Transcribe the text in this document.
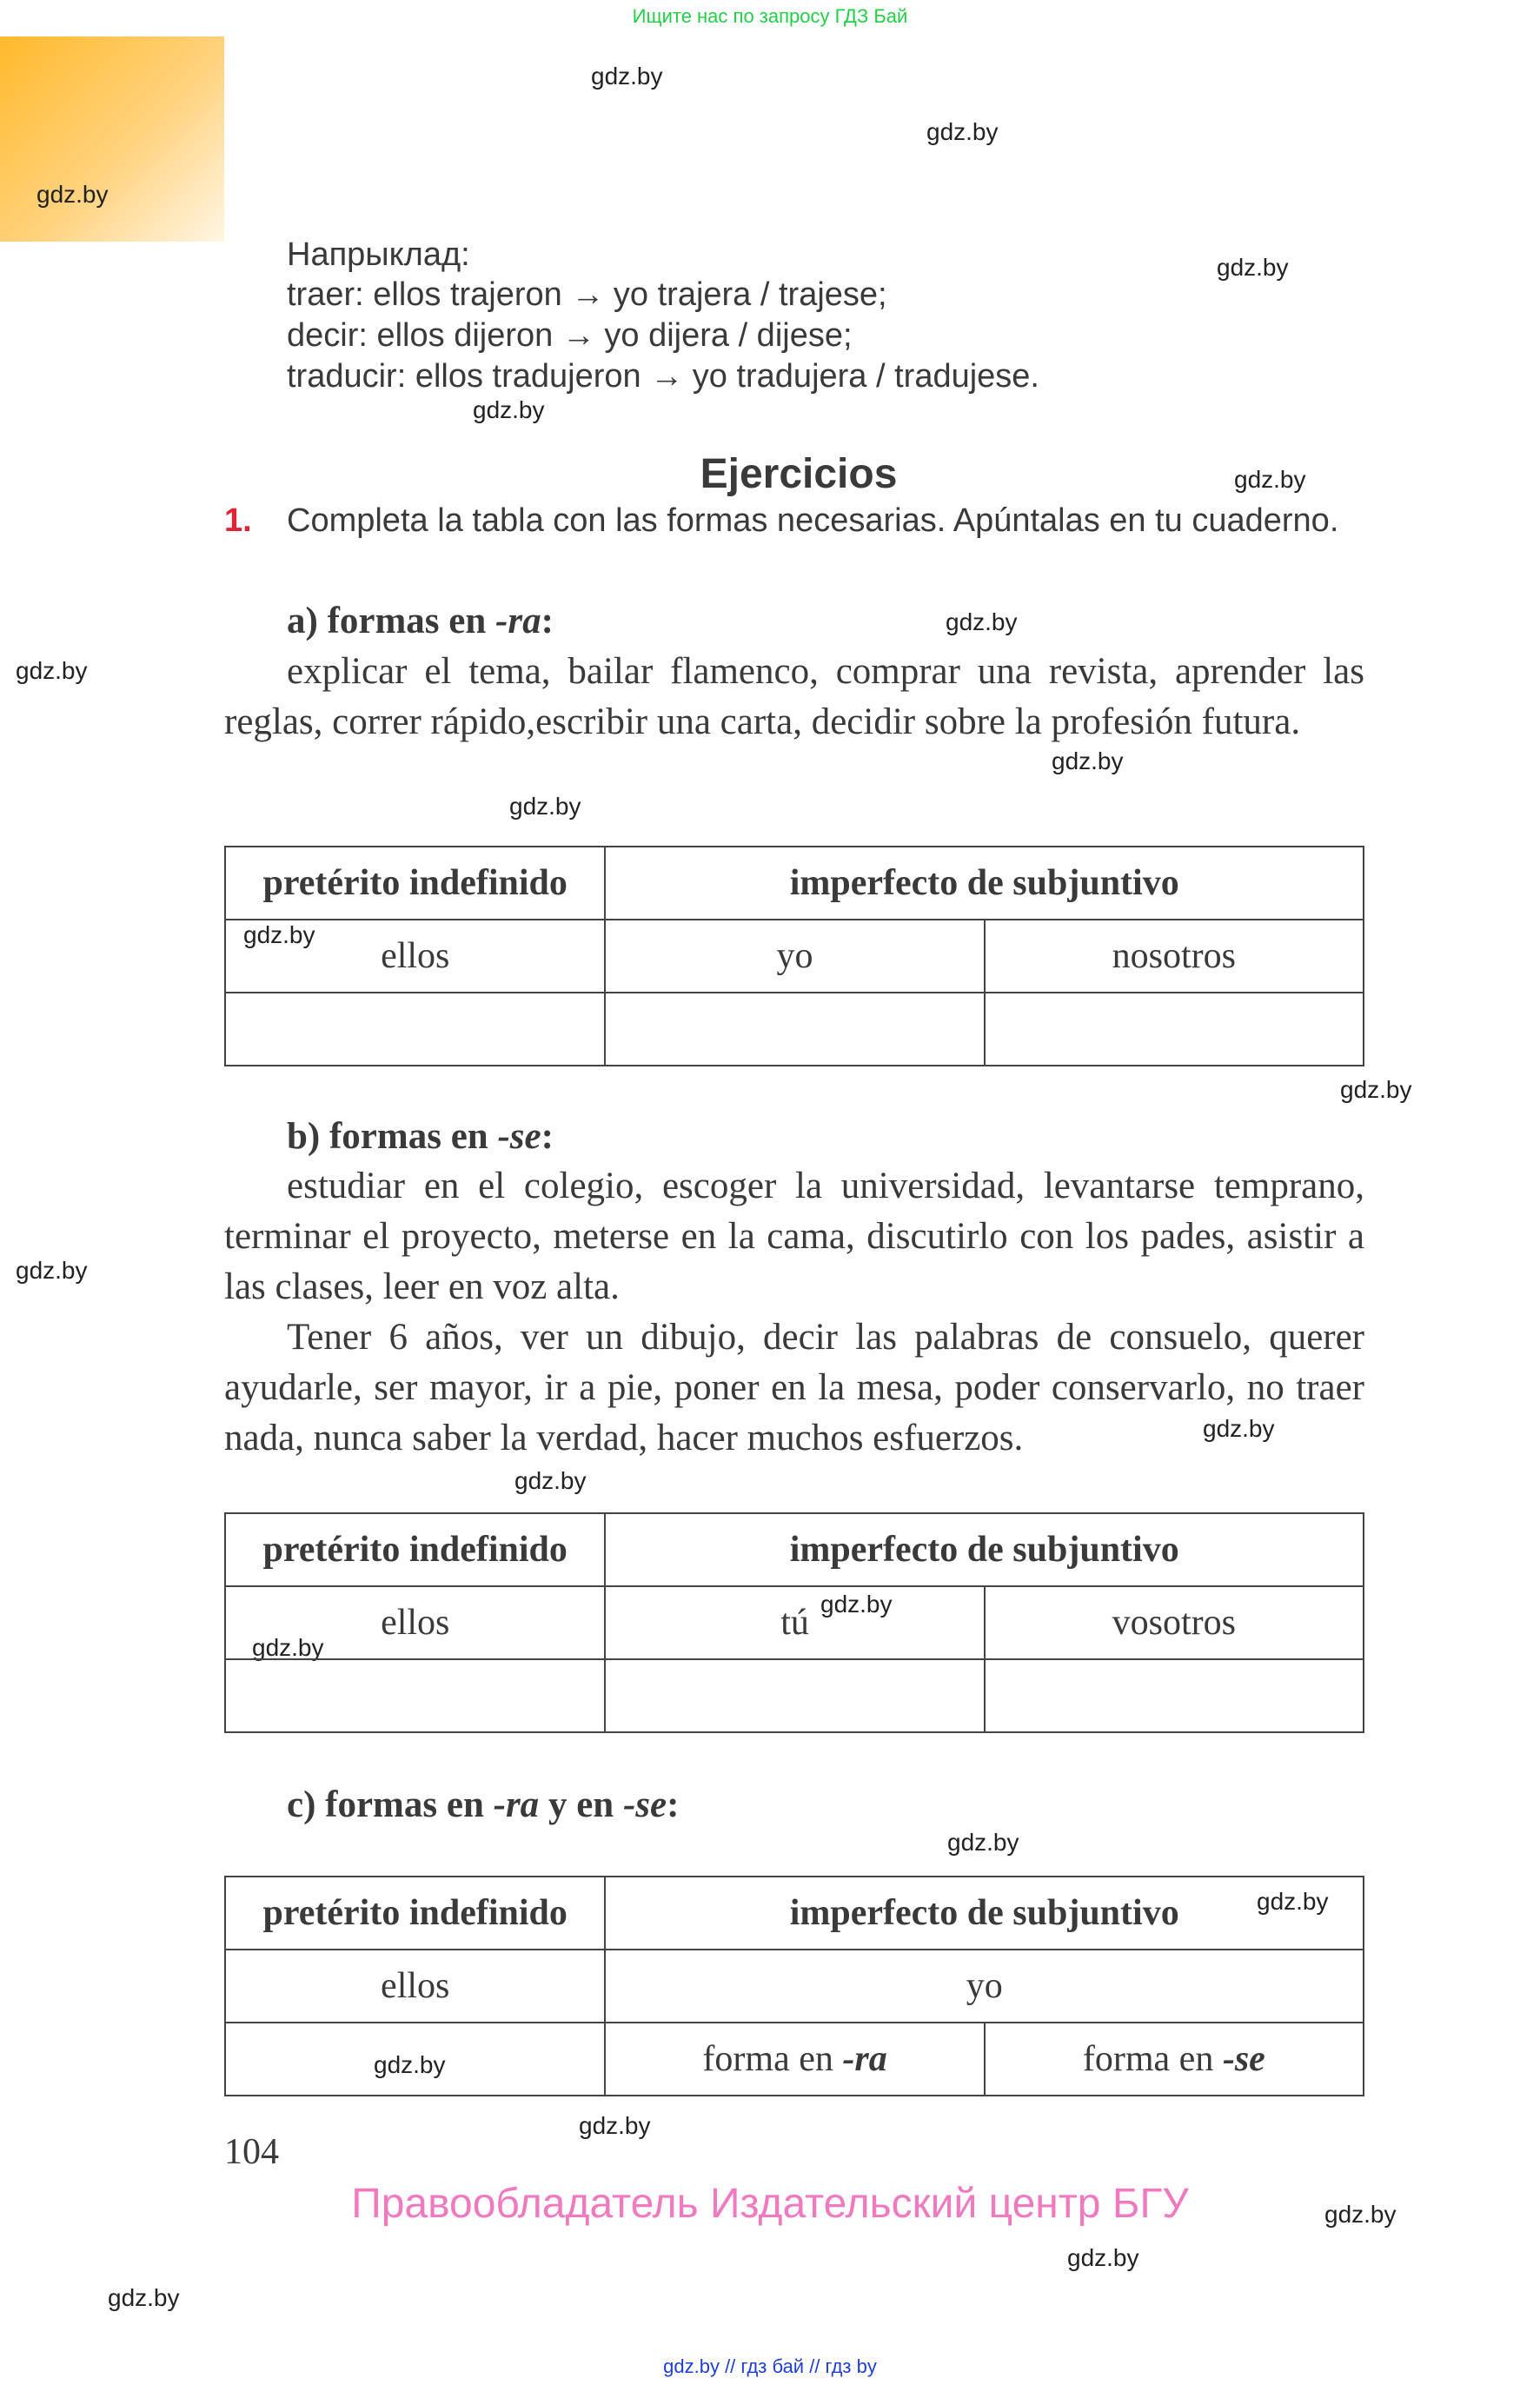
Ищите нас по запросу ГДЗ Бай
gdz.by
gdz.by
gdz.by
gdz.by
gdz.by
gdz.by
gdz.by
gdz.by
gdz.by
gdz.by
gdz.by
gdz.by
gdz.by
gdz.by
gdz.by
gdz.by
gdz.by
gdz.by
gdz.by
gdz.by
gdz.by
gdz.by
gdz.by
gdz.by
Напрыклад:
traer: ellos trajeron → yo trajera / trajese;
decir: ellos dijeron → yo dijera / dijese;
traducir: ellos tradujeron → yo tradujera / tradujese.
Ejercicios
1. Completa la tabla con las formas necesarias. Apúntalas en tu cuaderno.
a) formas en -ra:
explicar el tema, bailar flamenco, comprar una revista, aprender las reglas, correr rápido,escribir una carta, decidir sobre la profesión futura.
pretérito indefinido	imperfecto de subjuntivo	
ellos	yo	nosotros

b) formas en -se:
estudiar en el colegio, escoger la universidad, levantarse temprano, terminar el proyecto, meterse en la cama, discutirlo con los pades, asistir a las clases, leer en voz alta.
Tener 6 años, ver un dibujo, decir las palabras de consuelo, querer ayudarle, ser mayor, ir a pie, poner en la mesa, poder conservarlo, no traer nada, nunca saber la verdad, hacer muchos esfuerzos.
pretérito indefinido	imperfecto de subjuntivo	
ellos	tú	vosotros

c) formas en -ra y en -se:
pretérito indefinido	imperfecto de subjuntivo	
ellos	yo	
	forma en -ra	forma en -se
104
Правообладатель Издательский центр БГУ
gdz.by // гдз бай // гдз by
